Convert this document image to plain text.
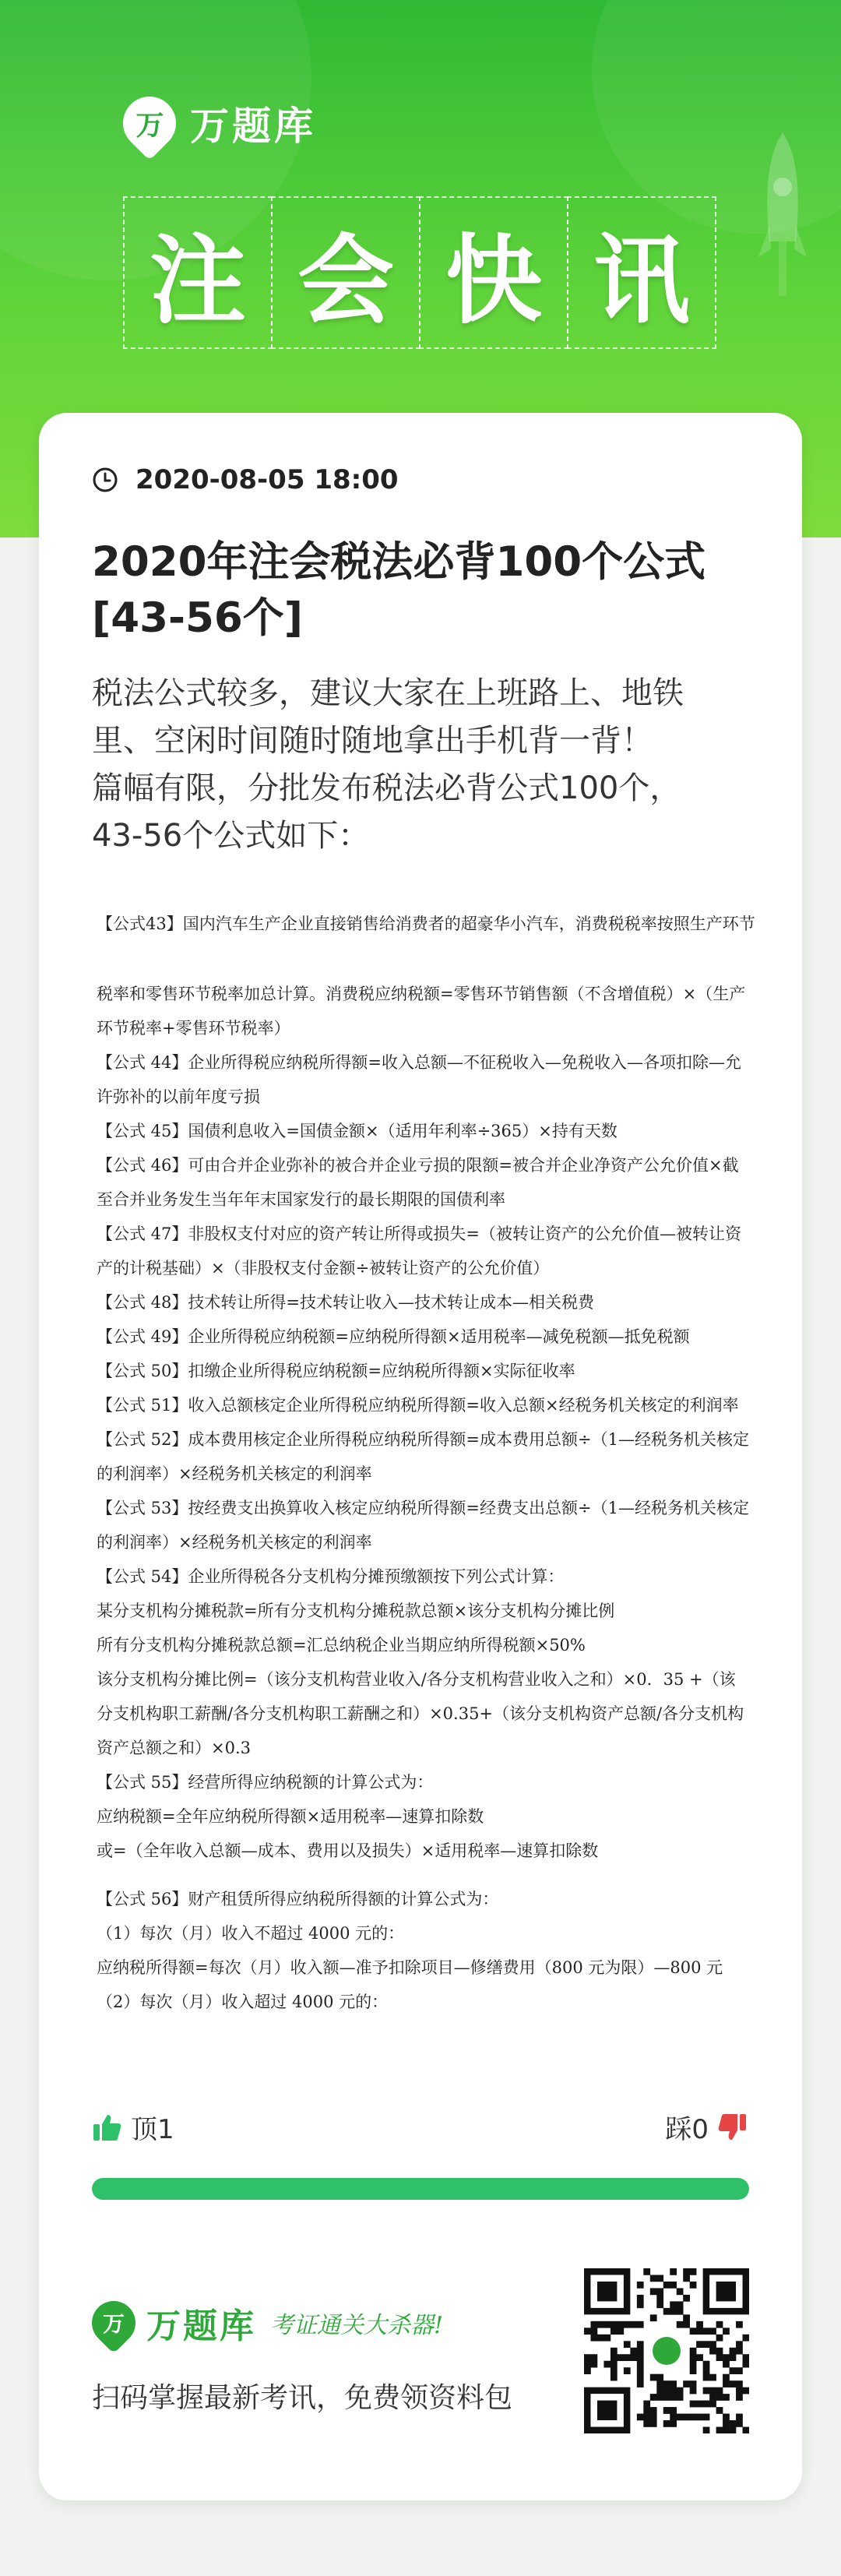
万 万题库
注 会 快 讯
2020-08-05 18:00
2020年注会税法必背100个公式[43-56个]
税法公式较多，建议大家在上班路上、地铁
里、空闲时间随时随地拿出手机背一背！
篇幅有限，分批发布税法必背公式100个，
43-56个公式如下：
【公式43】国内汽车生产企业直接销售给消费者的超豪华小汽车，消费税税率按照生产环节
税率和零售环节税率加总计算。消费税应纳税额=零售环节销售额（不含增值税）×（生产
环节税率+零售环节税率）
【公式 44】企业所得税应纳税所得额=收入总额—不征税收入—免税收入—各项扣除—允
许弥补的以前年度亏损
【公式 45】国债利息收入=国债金额×（适用年利率÷365）×持有天数
【公式 46】可由合并企业弥补的被合并企业亏损的限额=被合并企业净资产公允价值×截
至合并业务发生当年年末国家发行的最长期限的国债利率
【公式 47】非股权支付对应的资产转让所得或损失=（被转让资产的公允价值—被转让资
产的计税基础）×（非股权支付金额÷被转让资产的公允价值）
【公式 48】技术转让所得=技术转让收入—技术转让成本—相关税费
【公式 49】企业所得税应纳税额=应纳税所得额×适用税率—减免税额—抵免税额
【公式 50】扣缴企业所得税应纳税额=应纳税所得额×实际征收率
【公式 51】收入总额核定企业所得税应纳税所得额=收入总额×经税务机关核定的利润率
【公式 52】成本费用核定企业所得税应纳税所得额=成本费用总额÷（1—经税务机关核定
的利润率）×经税务机关核定的利润率
【公式 53】按经费支出换算收入核定应纳税所得额=经费支出总额÷（1—经税务机关核定
的利润率）×经税务机关核定的利润率
【公式 54】企业所得税各分支机构分摊预缴额按下列公式计算：
某分支机构分摊税款=所有分支机构分摊税款总额×该分支机构分摊比例
所有分支机构分摊税款总额=汇总纳税企业当期应纳所得税额×50%
该分支机构分摊比例=（该分支机构营业收入/各分支机构营业收入之和）×0．35 +（该
分支机构职工薪酬/各分支机构职工薪酬之和）×0.35+（该分支机构资产总额/各分支机构
资产总额之和）×0.3
【公式 55】经营所得应纳税额的计算公式为：
应纳税额=全年应纳税所得额×适用税率—速算扣除数
或=（全年收入总额—成本、费用以及损失）×适用税率—速算扣除数
【公式 56】财产租赁所得应纳税所得额的计算公式为：
（1）每次（月）收入不超过 4000 元的：
应纳税所得额=每次（月）收入额—准予扣除项目—修缮费用（800 元为限）—800 元
（2）每次（月）收入超过 4000 元的：
顶1	踩0
万 万题库 考证通关大杀器!
扫码掌握最新考讯，免费领资料包
